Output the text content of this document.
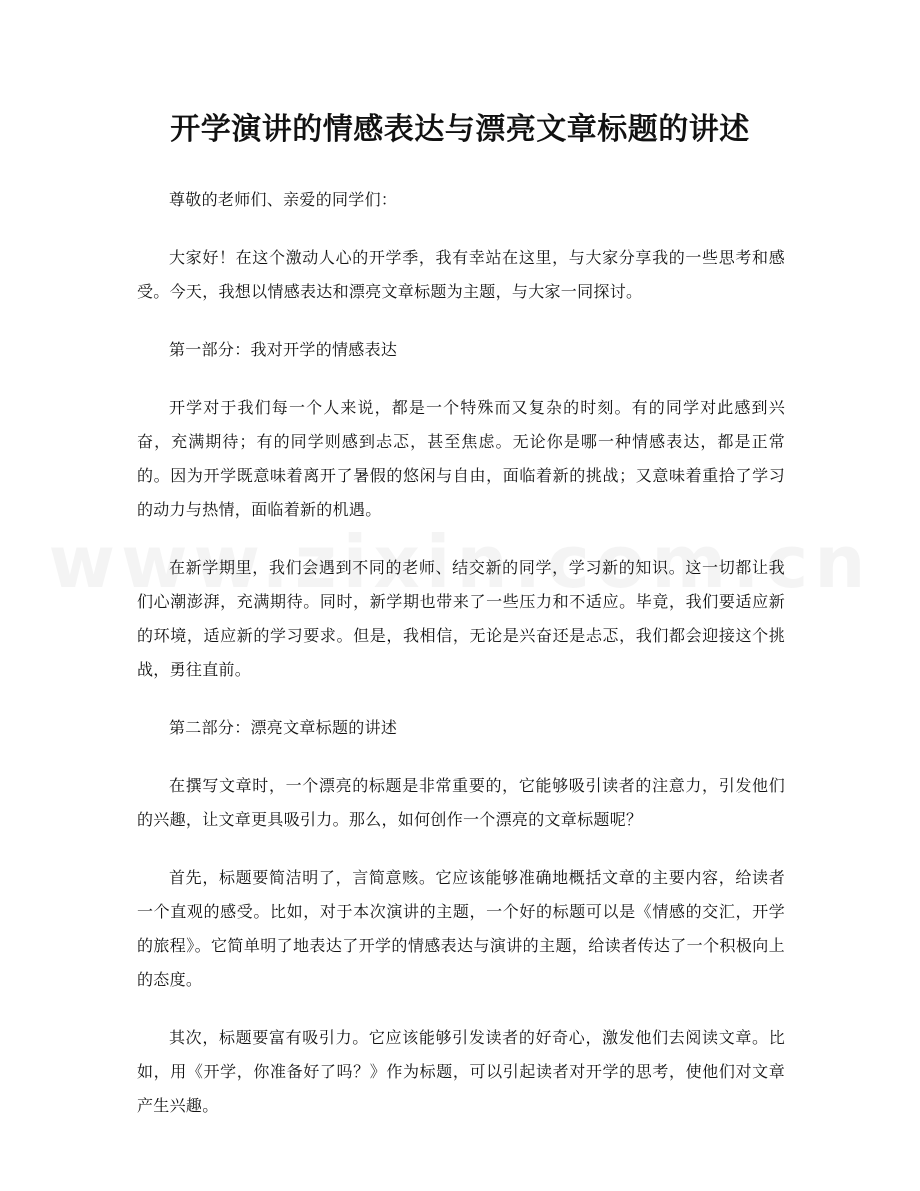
开学演讲的情感表达与漂亮文章标题的讲述

尊敬的老师们、亲爱的同学们：

大家好！在这个激动人心的开学季，我有幸站在这里，与大家分享我的一些思考和感受。今天，我想以情感表达和漂亮文章标题为主题，与大家一同探讨。

第一部分：我对开学的情感表达

开学对于我们每一个人来说，都是一个特殊而又复杂的时刻。有的同学对此感到兴奋，充满期待；有的同学则感到忐忑，甚至焦虑。无论你是哪一种情感表达，都是正常的。因为开学既意味着离开了暑假的悠闲与自由，面临着新的挑战；又意味着重拾了学习的动力与热情，面临着新的机遇。

在新学期里，我们会遇到不同的老师、结交新的同学，学习新的知识。这一切都让我们心潮澎湃，充满期待。同时，新学期也带来了一些压力和不适应。毕竟，我们要适应新的环境，适应新的学习要求。但是，我相信，无论是兴奋还是忐忑，我们都会迎接这个挑战，勇往直前。

第二部分：漂亮文章标题的讲述

在撰写文章时，一个漂亮的标题是非常重要的，它能够吸引读者的注意力，引发他们的兴趣，让文章更具吸引力。那么，如何创作一个漂亮的文章标题呢？

首先，标题要简洁明了，言简意赅。它应该能够准确地概括文章的主要内容，给读者一个直观的感受。比如，对于本次演讲的主题，一个好的标题可以是《情感的交汇，开学的旅程》。它简单明了地表达了开学的情感表达与演讲的主题，给读者传达了一个积极向上的态度。

其次，标题要富有吸引力。它应该能够引发读者的好奇心，激发他们去阅读文章。比如，用《开学，你准备好了吗？》作为标题，可以引起读者对开学的思考，使他们对文章产生兴趣。
